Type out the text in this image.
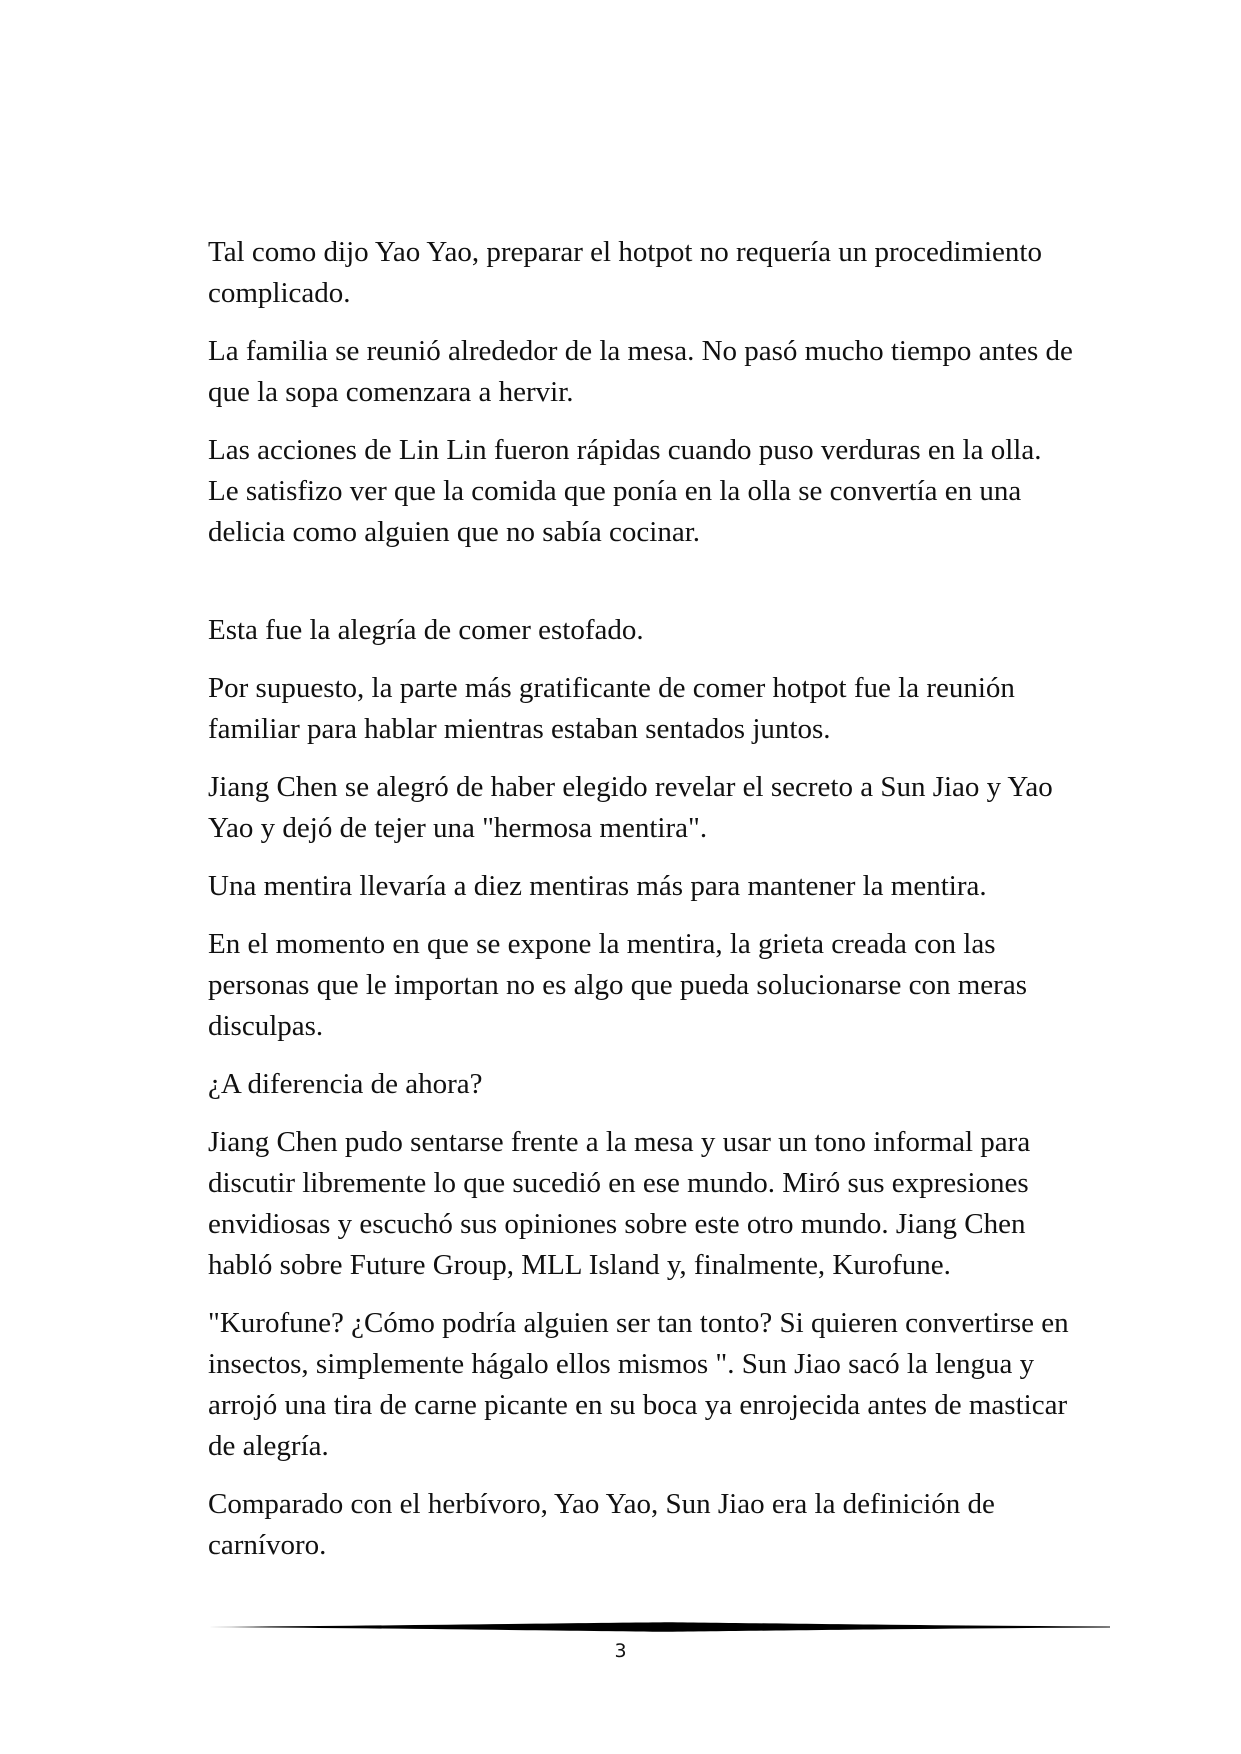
Tal como dijo Yao Yao, preparar el hotpot no requería un procedimiento complicado.

La familia se reunió alrededor de la mesa. No pasó mucho tiempo antes de que la sopa comenzara a hervir.

Las acciones de Lin Lin fueron rápidas cuando puso verduras en la olla. Le satisfizo ver que la comida que ponía en la olla se convertía en una delicia como alguien que no sabía cocinar.

Esta fue la alegría de comer estofado.

Por supuesto, la parte más gratificante de comer hotpot fue la reunión familiar para hablar mientras estaban sentados juntos.

Jiang Chen se alegró de haber elegido revelar el secreto a Sun Jiao y Yao Yao y dejó de tejer una "hermosa mentira".

Una mentira llevaría a diez mentiras más para mantener la mentira.

En el momento en que se expone la mentira, la grieta creada con las personas que le importan no es algo que pueda solucionarse con meras disculpas.

¿A diferencia de ahora?

Jiang Chen pudo sentarse frente a la mesa y usar un tono informal para discutir libremente lo que sucedió en ese mundo. Miró sus expresiones envidiosas y escuchó sus opiniones sobre este otro mundo. Jiang Chen habló sobre Future Group, MLL Island y, finalmente, Kurofune.

"Kurofune? ¿Cómo podría alguien ser tan tonto? Si quieren convertirse en insectos, simplemente hágalo ellos mismos ". Sun Jiao sacó la lengua y arrojó una tira de carne picante en su boca ya enrojecida antes de masticar de alegría.

Comparado con el herbívoro, Yao Yao, Sun Jiao era la definición de carnívoro.

3
